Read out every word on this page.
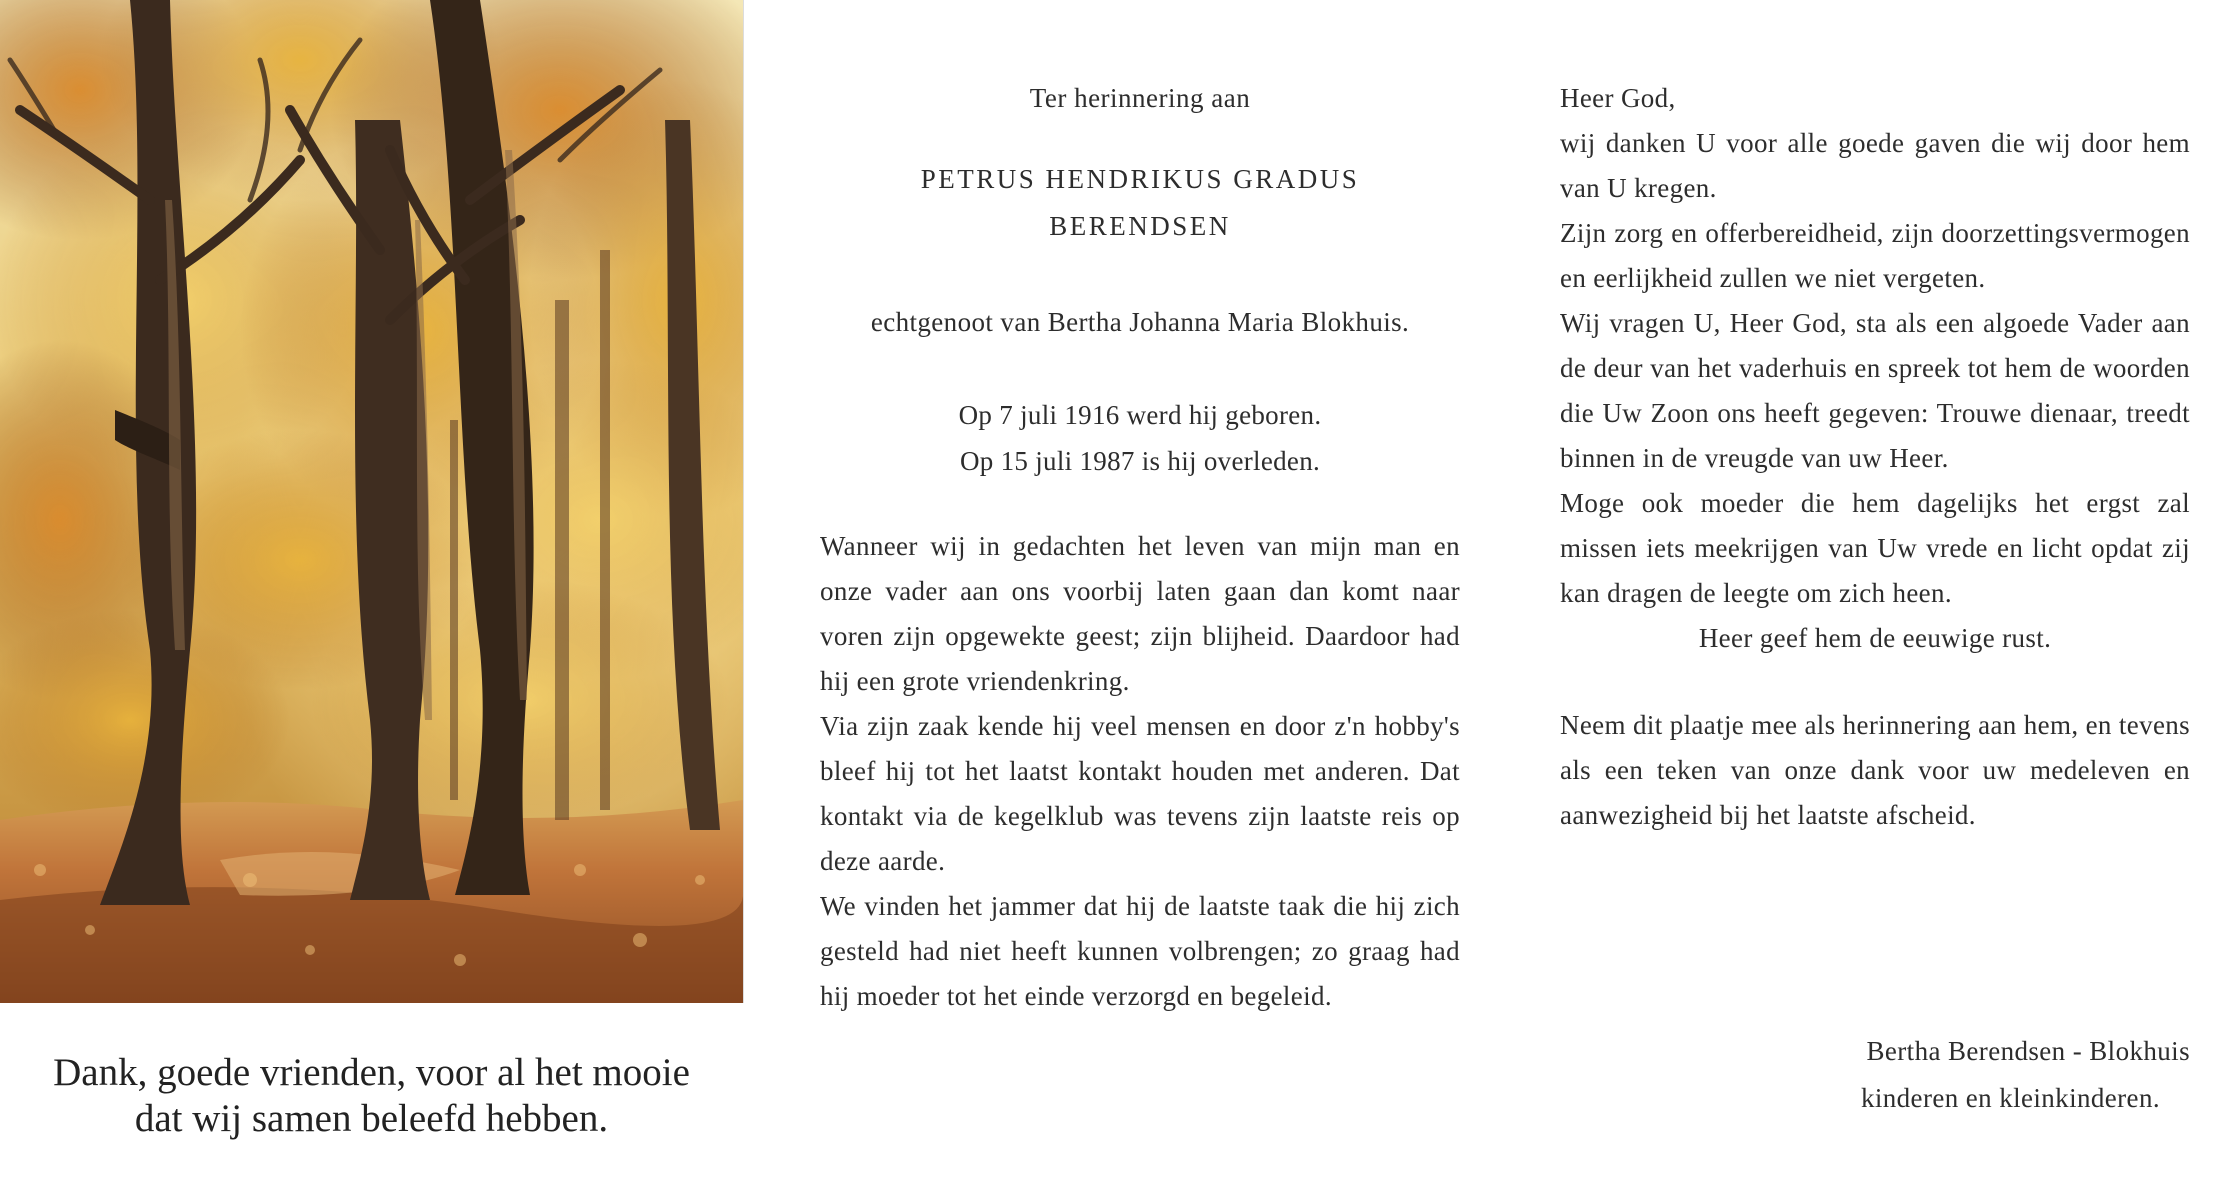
Dank, goede vrienden, voor al het mooie
dat wij samen beleefd hebben.
Ter herinnering aan
PETRUS HENDRIKUS GRADUS
BERENDSEN
echtgenoot van Bertha Johanna Maria Blokhuis.
Op 7 juli 1916 werd hij geboren.
Op 15 juli 1987 is hij overleden.

Wanneer wij in gedachten het leven van mijn man en onze vader aan ons voorbij laten gaan dan komt naar voren zijn opgewekte geest; zijn blijheid. Daardoor had hij een grote vriendenkring.

Via zijn zaak kende hij veel mensen en door z'n hobby's bleef hij tot het laatst kontakt houden met anderen. Dat kontakt via de kegelklub was tevens zijn laatste reis op deze aarde.

We vinden het jammer dat hij de laatste taak die hij zich gesteld had niet heeft kunnen volbrengen; zo graag had hij moeder tot het einde verzorgd en begeleid.

Heer God,

wij danken U voor alle goede gaven die wij door hem van U kregen.

Zijn zorg en offerbereidheid, zijn doorzettingsvermogen en eerlijkheid zullen we niet vergeten.

Wij vragen U, Heer God, sta als een algoede Vader aan de deur van het vaderhuis en spreek tot hem de woorden die Uw Zoon ons heeft gegeven: Trouwe dienaar, treedt binnen in de vreugde van uw Heer.

Moge ook moeder die hem dagelijks het ergst zal missen iets meekrijgen van Uw vrede en licht opdat zij kan dragen de leegte om zich heen.

Heer geef hem de eeuwige rust.

Neem dit plaatje mee als herinnering aan hem, en tevens als een teken van onze dank voor uw medeleven en aanwezigheid bij het laatste afscheid.

Bertha Berendsen - Blokhuis
kinderen en kleinkinderen.
